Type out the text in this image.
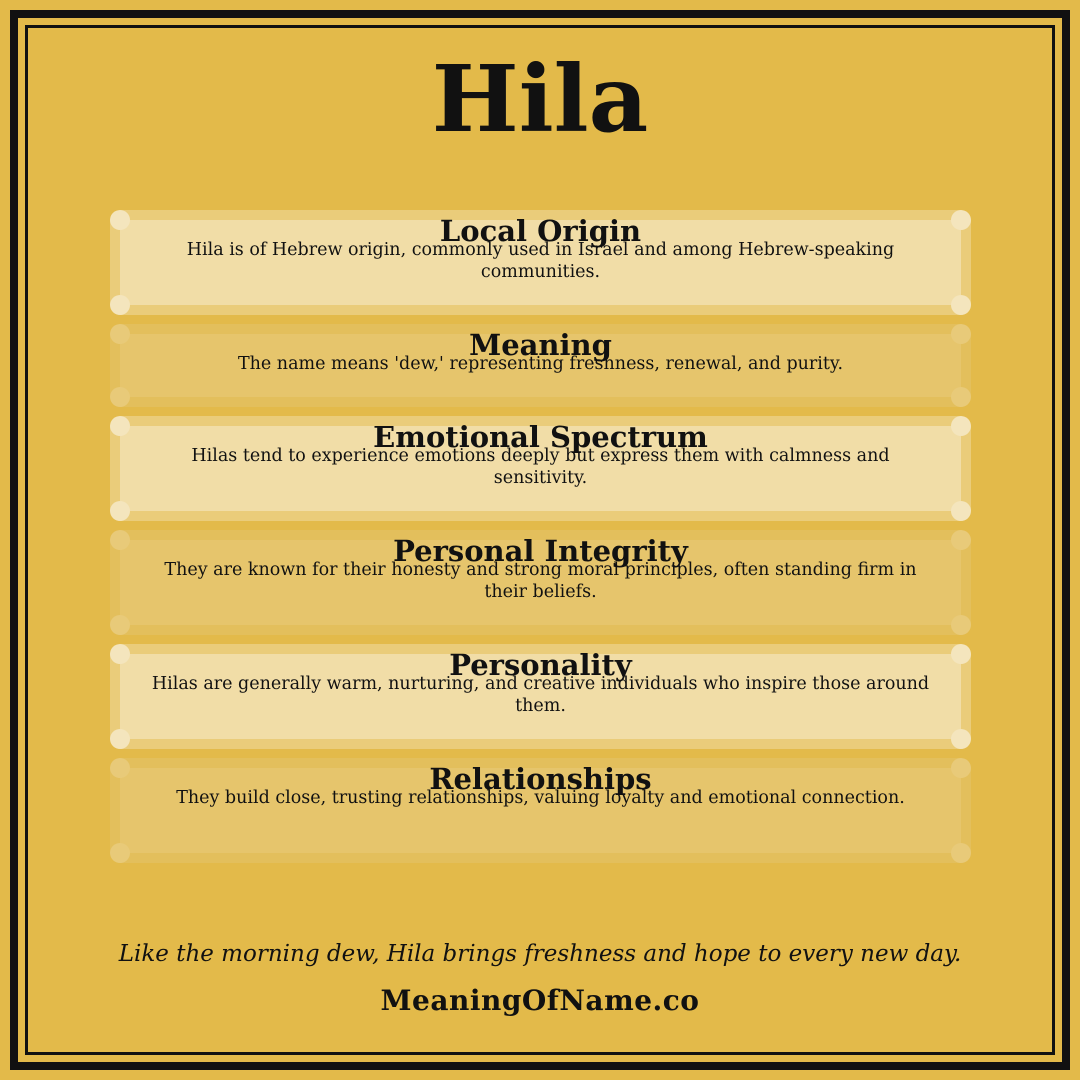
Hila
Local Origin
Hila is of Hebrew origin, commonly used in Israel and among Hebrew-speaking communities.
Meaning
The name means 'dew,' representing freshness, renewal, and purity.
Emotional Spectrum
Hilas tend to experience emotions deeply but express them with calmness and sensitivity.
Personal Integrity
They are known for their honesty and strong moral principles, often standing firm in their beliefs.
Personality
Hilas are generally warm, nurturing, and creative individuals who inspire those around them.
Relationships
They build close, trusting relationships, valuing loyalty and emotional connection.
Like the morning dew, Hila brings freshness and hope to every new day.
MeaningOfName.co
